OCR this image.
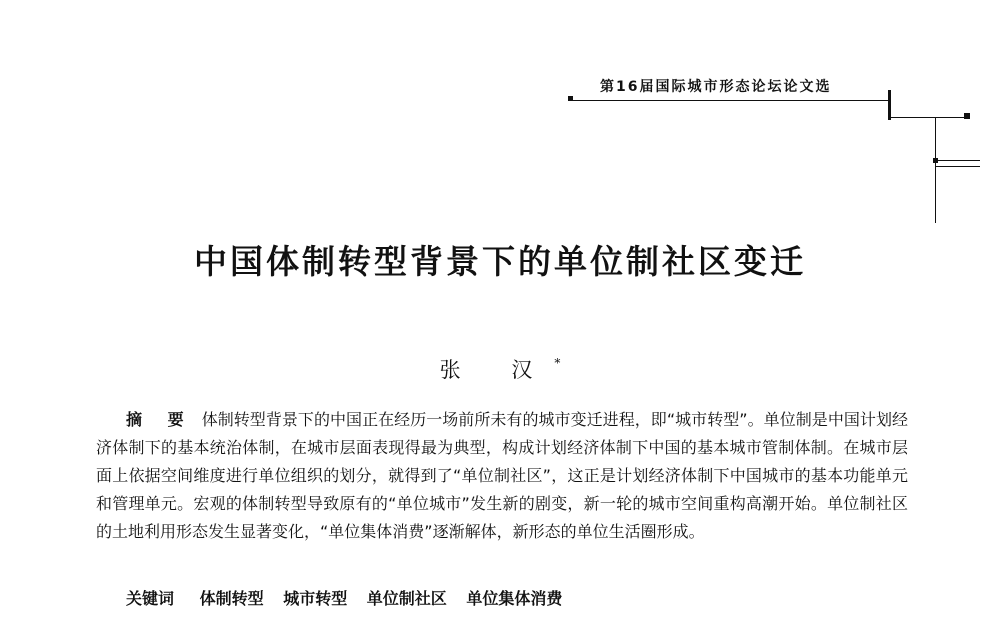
第16届国际城市形态论坛论文选
中国体制转型背景下的单位制社区变迁
张 汉*
摘 要 体制转型背景下的中国正在经历一场前所未有的城市变迁进程，即“城市转型”。单位制是中国计划经济体制下的基本统治体制，在城市层面表现得最为典型，构成计划经济体制下中国的基本城市管制体制。在城市层面上依据空间维度进行单位组织的划分，就得到了“单位制社区”，这正是计划经济体制下中国城市的基本功能单元和管理单元。宏观的体制转型导致原有的“单位城市”发生新的剧变，新一轮的城市空间重构高潮开始。单位制社区的土地利用形态发生显著变化，“单位集体消费”逐渐解体，新形态的单位生活圈形成。
关键词 体制转型 城市转型 单位制社区 单位集体消费
